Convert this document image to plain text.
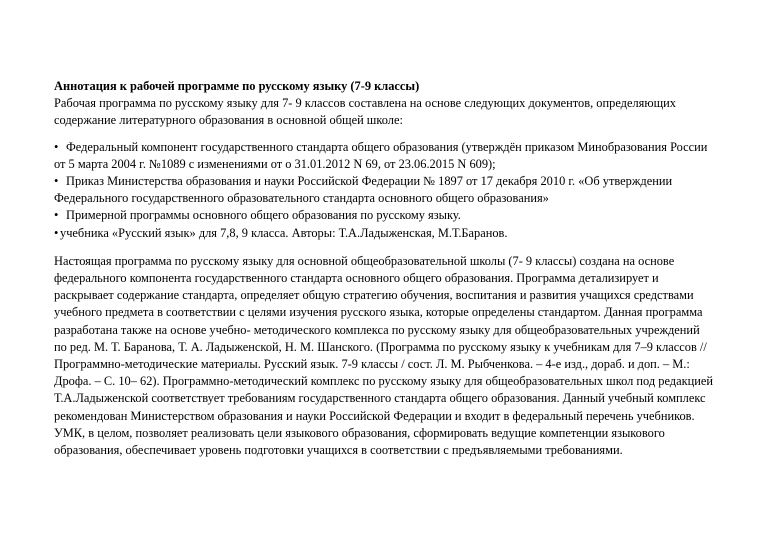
Аннотация к рабочей программе по русскому языку (7-9 классы)

Рабочая программа по русскому языку для 7- 9 классов составлена на основе следующих документов, определяющих содержание литературного образования в основной общей школе:

• Федеральный компонент государственного стандарта общего образования (утверждён приказом Минобразования России от 5 марта 2004 г. №1089 с изменениями от о 31.01.2012 N 69, от 23.06.2015 N 609);

• Приказ Министерства образования и науки Российской Федерации № 1897 от 17 декабря 2010 г. «Об утверждении Федерального государственного образовательного стандарта основного общего образования»

• Примерной программы основного общего образования по русскому языку.

• учебника «Русский язык» для 7,8, 9 класса. Авторы: Т.А.Ладыженская, М.Т.Баранов.

Настоящая программа по русскому языку для основной общеобразовательной школы (7- 9 классы) создана на основе федерального компонента государственного стандарта основного общего образования. Программа детализирует и раскрывает содержание стандарта, определяет общую стратегию обучения, воспитания и развития учащихся средствами учебного предмета в соответствии с целями изучения русского языка, которые определены стандартом. Данная программа разработана также на основе учебно- методического комплекса по русскому языку для общеобразовательных учреждений по ред. М. Т. Баранова, Т. А. Ладыженской, Н. М. Шанского. (Программа по русскому языку к учебникам для 7–9 классов // Программно-методические материалы. Русский язык. 7-9 классы / сост. Л. М. Рыбченкова. – 4-е изд., дораб. и доп. – М.: Дрофа. – С. 10– 62). Программно-методический комплекс по русскому языку для общеобразовательных школ под редакцией Т.А.Ладыженской соответствует требованиям государственного стандарта общего образования. Данный учебный комплекс рекомендован Министерством образования и науки Российской Федерации и входит в федеральный перечень учебников. УМК, в целом, позволяет реализовать цели языкового образования, сформировать ведущие компетенции языкового образования, обеспечивает уровень подготовки учащихся в соответствии с предъявляемыми требованиями.
